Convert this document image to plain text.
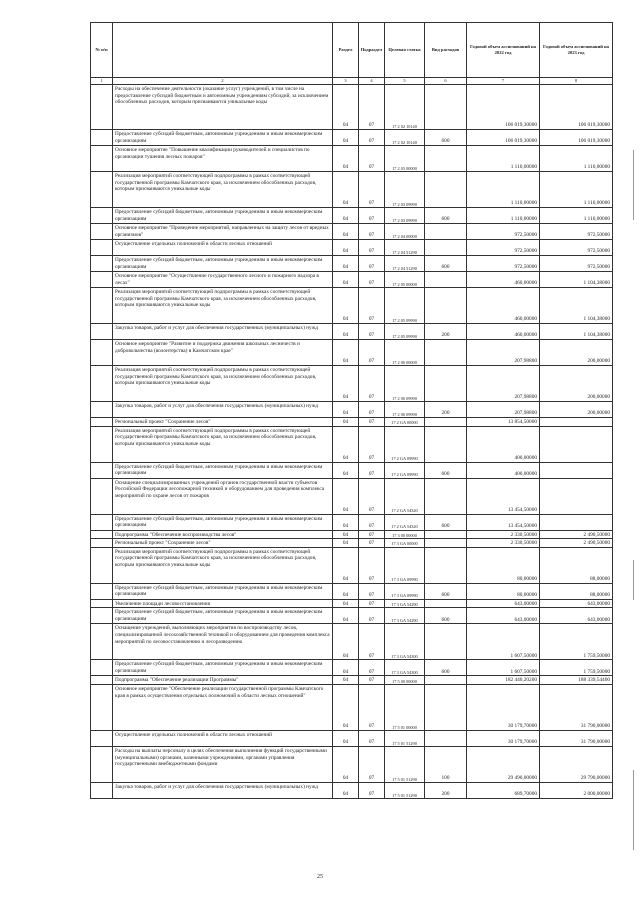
№ п/п		Раздел	Подраздел	Целевая статья	Вид расходов	Годовой объем ассигнований на 2022 год	Годовой объем ассигнований на 2023 год
1	2	3	4	5	6	7	8
	Расходы на обеспечение деятельности (оказание услуг) учреждений, в том числе на предоставление субсидий бюджетным и автономным учреждениям субсидий, за исключением обособленных расходов, которым присваиваются уникальные коды	04	07	17 2 02 10140		106 019,30000	106 019,30000
	Предоставление субсидий бюджетным, автономным учреждениям и иным некоммерческим организациям	04	07	17 2 02 10140	600	106 019,30000	106 019,30000
	Основное мероприятие "Повышение квалификации руководителей и специалистов по организации тушения лесных пожаров"	04	07	17 2 03 00000		1 110,00000	1 110,00000
	Реализация мероприятий соответствующей подпрограммы в рамках соответствующей государственной программы Камчатского края, за исключением обособленных расходов, которым присваиваются уникальные коды	04	07	17 2 03 09990		1 110,00000	1 110,00000
	Предоставление субсидий бюджетным, автономным учреждениям и иным некоммерческим организациям	04	07	17 2 03 09990	600	1 110,00000	1 110,00000
	Основное мероприятие "Проведение мероприятий, направленных на защиту лесов от вредных организмов"	04	07	17 2 04 00000		972,50000	972,50000
	Осуществление отдельных полномочий в области лесных отношений	04	07	17 2 04 51290		972,50000	972,50000
	Предоставление субсидий бюджетным, автономным учреждениям и иным некоммерческим организациям	04	07	17 2 04 51290	600	972,50000	972,50000
	Основное мероприятие "Осуществление государственного лесного и пожарного надзора в лесах"	04	07	17 2 05 00000		460,00000	1 104,38000
	Реализация мероприятий соответствующей подпрограммы в рамках соответствующей государственной программы Камчатского края, за исключением обособленных расходов, которым присваиваются уникальные коды	04	07	17 2 05 09990		460,00000	1 104,38000
	Закупка товаров, работ и услуг для обеспечения государственных (муниципальных) нужд	04	07	17 2 05 09990	200	460,00000	1 104,38000
	Основное мероприятие "Развитие и поддержка движения школьных лесничеств и добровольчества (волонтерства) в Камчатском крае"	04	07	17 2 06 00000		207,98800	200,00000
	Реализация мероприятий соответствующей подпрограммы в рамках соответствующей государственной программы Камчатского края, за исключением обособленных расходов, которым присваиваются уникальные коды	04	07	17 2 06 09990		207,98800	200,00000
	Закупка товаров, работ и услуг для обеспечения государственных (муниципальных) нужд	04	07	17 2 06 09990	200	207,98800	200,00000
	Региональный проект "Сохранение лесов"	04	07	17 2 GA 00000		13 854,50000	
	Реализация мероприятий соответствующей подпрограммы в рамках соответствующей государственной программы Камчатского края, за исключением обособленных расходов, которым присваиваются уникальные коды	04	07	17 2 GA 09990		400,00000	
	Предоставление субсидий бюджетным, автономным учреждениям и иным некоммерческим организациям	04	07	17 2 GA 09990	600	400,00000	
	Оснащение специализированных учреждений органов государственной власти субъектов Российской Федерации лесопожарной техникой и оборудованием для проведения комплекса мероприятий по охране лесов от пожаров	04	07	17 2 GA 54320		13 454,50000	
	Предоставление субсидий бюджетным, автономным учреждениям и иным некоммерческим организациям	04	07	17 2 GA 54320	600	13 454,50000	
	Подпрограмма "Обеспечение воспроизводства лесов"	04	07	17 3 00 00000		2 330,50000	2 490,50000
	Региональный проект "Сохранение лесов"	04	07	17 3 GA 00000		2 330,50000	2 490,50000
	Реализация мероприятий соответствующей подпрограммы в рамках соответствующей государственной программы Камчатского края, за исключением обособленных расходов, которым присваиваются уникальные коды	04	07	17 3 GA 09990		80,00000	88,00000
	Предоставление субсидий бюджетным, автономным учреждениям и иным некоммерческим организациям	04	07	17 3 GA 09990	600	80,00000	88,00000
	Увеличение площади лесовосстановления	04	07	17 3 GA 54290		643,00000	643,00000
	Предоставление субсидий бюджетным, автономным учреждениям и иным некоммерческим организациям	04	07	17 3 GA 54290	600	643,00000	643,00000
	Оснащение учреждений, выполняющих мероприятия по воспроизводству лесов, специализированной лесохозяйственной техникой и оборудованием для проведения комплекса мероприятий по лесовосстановлению и лесоразведению	04	07	17 3 GA 54300		1 607,50000	1 759,50000
	Предоставление субсидий бюджетным, автономным учреждениям и иным некоммерческим организациям	04	07	17 3 GA 54300	600	1 607,50000	1 759,50000
	Подпрограмма "Обеспечение реализации Программы"	04	07	17 5 00 00000		182 440,20200	188 339,54400
	Основное мероприятие "Обеспечение реализации государственной программы Камчатского края в рамках осуществления отдельных полномочий в области лесных отношений"	04	07	17 5 01 00000		30 179,70000	31 790,00000
	Осуществление отдельных полномочий в области лесных отношений	04	07	17 5 01 51290		30 179,70000	31 790,00000
	Расходы на выплаты персоналу в целях обеспечения выполнения функций государственными (муниципальными) органами, казенными учреждениями, органами управления государственными внебюджетными фондами	04	07	17 5 01 51290	100	29 490,00000	29 790,00000
	Закупка товаров, работ и услуг для обеспечения государственных (муниципальных) нужд	04	07	17 5 01 51290	200	689,70000	2 000,00000
25
